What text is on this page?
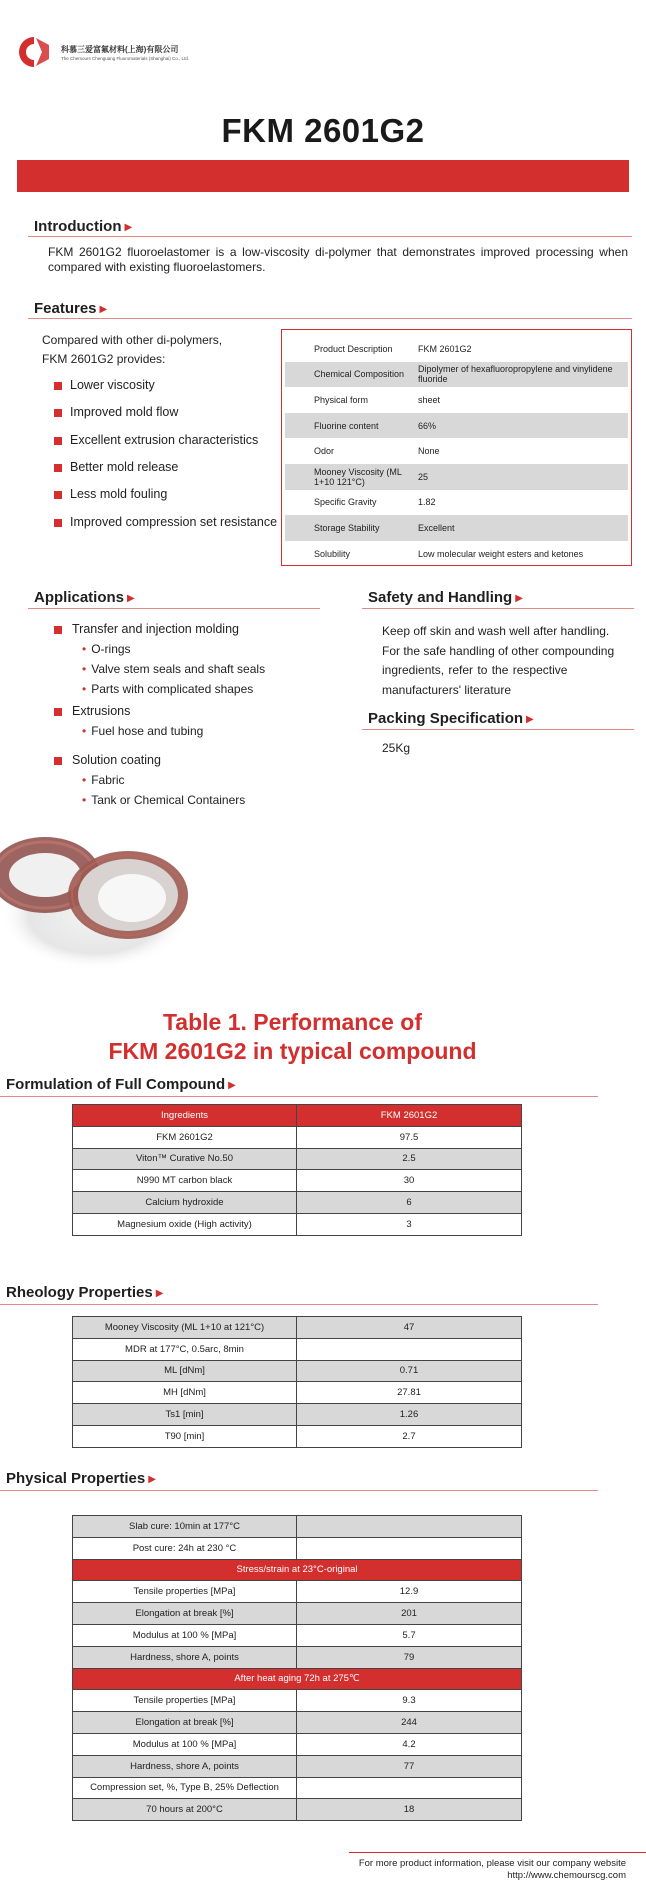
科慕三爱富氟材料(上海)有限公司
The Chemours Chenguang Fluoromaterials (Shanghai) Co., Ltd.
FKM 2601G2
Introduction ▶
FKM 2601G2 fluoroelastomer is a low-viscosity di-polymer that demonstrates improved processing when compared with existing fluoroelastomers.
Features ▶
Compared with other di-polymers,
FKM 2601G2 provides:
Lower viscosity
Improved mold flow
Excellent extrusion characteristics
Better mold release
Less mold fouling
Improved compression set resistance
Product Description	FKM 2601G2
Chemical Composition	Dipolymer of hexafluoropropylene and vinylidene fluoride
Physical form	sheet
Fluorine content	66%
Odor	None
Mooney Viscosity (ML 1+10 121°C)	25
Specific Gravity	1.82
Storage Stability	Excellent
Solubility	Low molecular weight esters and ketones
Applications ▶
Transfer and injection molding
• O-rings
• Valve stem seals and shaft seals
• Parts with complicated shapes
Extrusions
• Fuel hose and tubing
Solution coating
• Fabric
• Tank or Chemical Containers
Safety and Handling ▶
Keep off skin and wash well after handling.
For the safe handling of other compounding
ingredients, refer to the respective
manufacturers' literature
Packing Specification ▶
25Kg
Table 1. Performance of
FKM 2601G2 in typical compound
Formulation of Full Compound ▶
Ingredients	FKM 2601G2
FKM 2601G2	97.5
Viton™ Curative No.50	2.5
N990 MT carbon black	30
Calcium hydroxide	6
Magnesium oxide (High activity)	3
Rheology Properties ▶
Mooney Viscosity (ML 1+10 at 121°C)	47
MDR at 177°C, 0.5arc, 8min	
ML [dNm]	0.71
MH [dNm]	27.81
Ts1 [min]	1.26
T90 [min]	2.7
Physical Properties ▶
Slab cure: 10min at 177°C	
Post cure: 24h at 230 °C	
Stress/strain at 23°C-original	
Tensile properties [MPa]	12.9
Elongation at break [%]	201
Modulus at 100 % [MPa]	5.7
Hardness, shore A, points	79
After heat aging 72h at 275℃	
Tensile properties [MPa]	9.3
Elongation at break [%]	244
Modulus at 100 % [MPa]	4.2
Hardness, shore A, points	77
Compression set, %, Type B, 25% Deflection	
70 hours at 200°C	18
For more product information, please visit our company website
http://www.chemourscg.com
